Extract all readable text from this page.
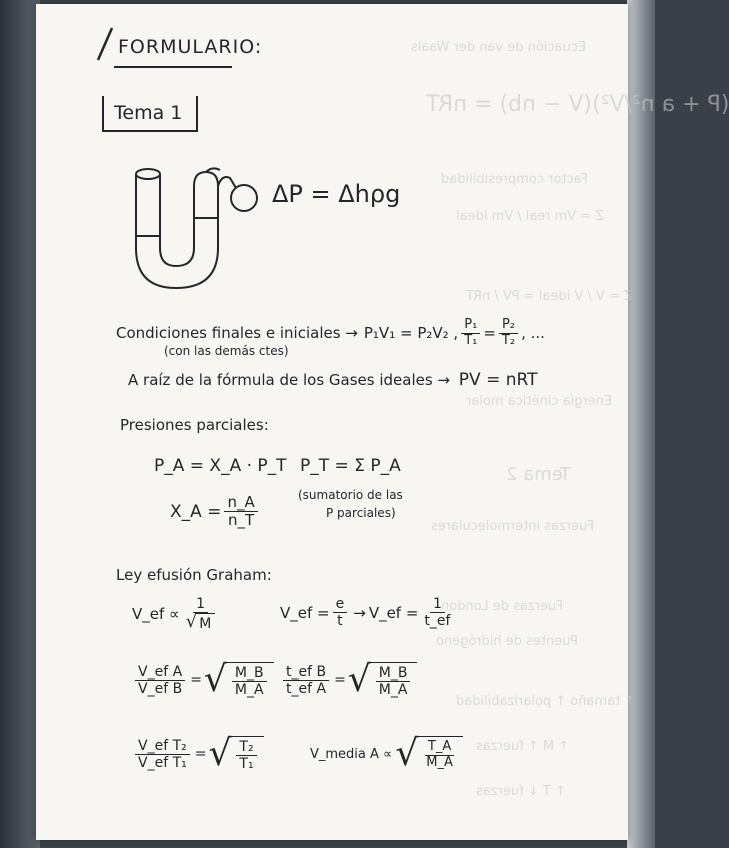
Ecuación de van der Waals
(P + a n²/V²)(V − nb) = nRT
Factor compresibilidad
Z = Vm real / Vm ideal
Z = V / V ideal = PV / nRT
Energía cinética molar
Tema 2
Fuerzas intermoleculares
Fuerzas de London
Puentes de hidrógeno
↑ tamaño ↑ polarizabilidad
↑ M ↑ fuerzas
↑ T ↓ fuerzas
FORMULARIO:
Tema 1
ΔP = Δhρg
Condiciones finales e iniciales → P₁V₁ = P₂V₂ , $\frac{\text{P₁}}{\text{T₁}} = \frac{\text{P₂}}{\text{T₂}}$ , ...
(con las demás ctes)
A raíz de la fórmula de los Gases ideales → PV = nRT
Presiones parciales:
P_A = X_A · P_T
X_A = $\frac{n\_A}{n\_T}$
P_T = Σ P_A
(sumatorio de las
P parciales)
Ley efusión Graham:
V_ef ∝ $\frac{1}{√ M}$	V_ef = $\frac{e}{t}$ → V_ef = $\frac{1}{t\_ef}$
$\frac{\text{V\_ef A}}{\text{V\_ef B}}$ = √ $\frac{M\_B}{M\_A} \frac{\text{t\_ef B}}{\text{t\_ef A}}$ = √ $\frac{M\_B}{M\_A}$
$\frac{\text{V\_ef T₂}}{\text{V\_ef T₁}}$ = √ $\frac{\text{T₂}}{\text{T₁}}$	V_media A ∝ √ $\frac{T\_A}{M\_A}$
